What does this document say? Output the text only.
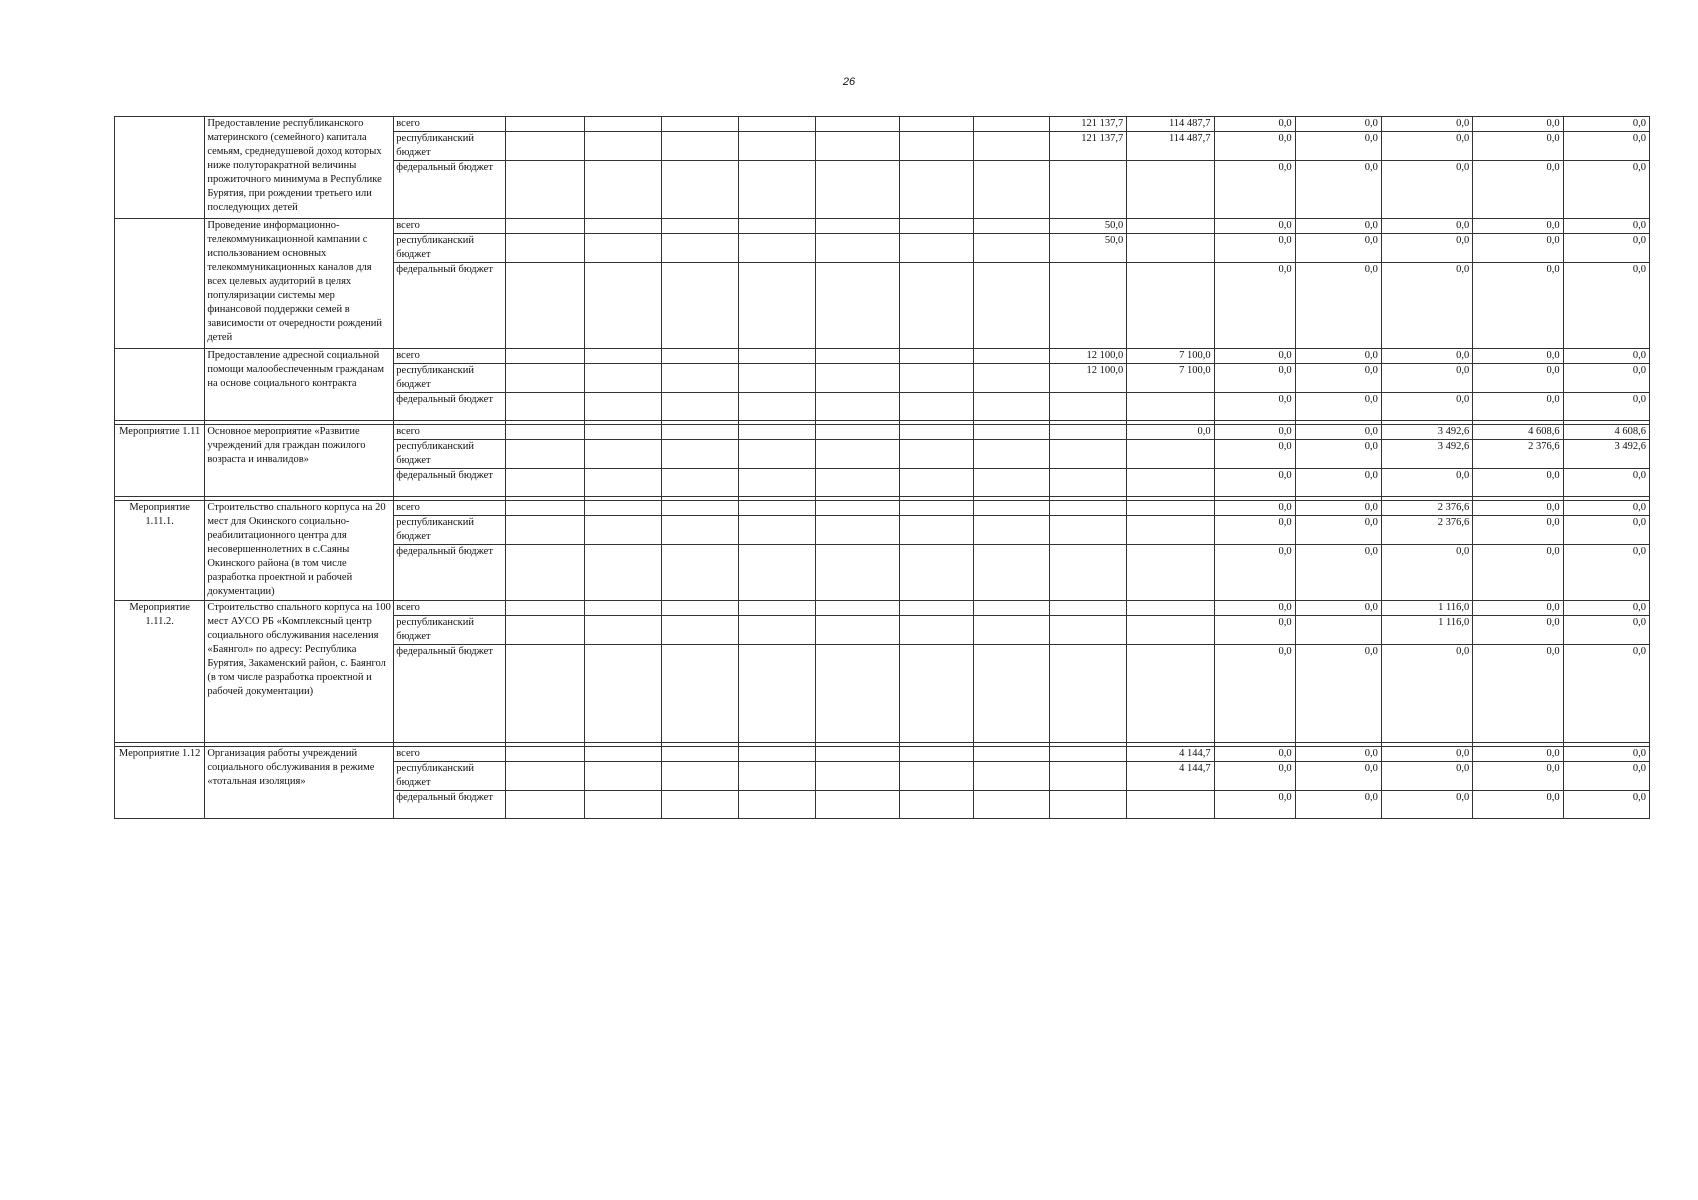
26
	Предоставление республиканского материнского (семейного) капитала семьям, среднедушевой доход которых ниже полуторакратной величины прожиточного минимума в Республике Бурятия, при рождении третьего или последующих детей	всего								121 137,7	114 487,7	0,0	0,0	0,0	0,0	0,0
		республиканский бюджет								121 137,7	114 487,7	0,0	0,0	0,0	0,0	0,0
		федеральный бюджет										0,0	0,0	0,0	0,0	0,0
	Проведение информационно-телекоммуникационной кампании с использованием основных телекоммуникационных каналов для всех целевых аудиторий в целях популяризации системы мер финансовой поддержки семей в зависимости от очередности рождений детей	всего								50,0		0,0	0,0	0,0	0,0	0,0
		республиканский бюджет								50,0		0,0	0,0	0,0	0,0	0,0
		федеральный бюджет										0,0	0,0	0,0	0,0	0,0
	Предоставление адресной социальной помощи малообеспеченным гражданам на основе социального контракта	всего								12 100,0	7 100,0	0,0	0,0	0,0	0,0	0,0
		республиканский бюджет								12 100,0	7 100,0	0,0	0,0	0,0	0,0	0,0
		федеральный бюджет										0,0	0,0	0,0	0,0	0,0

Мероприятие 1.11	Основное мероприятие «Развитие учреждений для граждан пожилого возраста и инвалидов»	всего									0,0	0,0	0,0	3 492,6	4 608,6	4 608,6
		республиканский бюджет										0,0	0,0	3 492,6	2 376,6	3 492,6
		федеральный бюджет										0,0	0,0	0,0	0,0	0,0

Мероприятие 1.11.1.	Строительство спального корпуса на 20 мест для Окинского социально-реабилитационного центра для несовершеннолетних в с.Саяны Окинского района (в том числе разработка проектной и рабочей документации)	всего										0,0	0,0	2 376,6	0,0	0,0
		республиканский бюджет										0,0	0,0	2 376,6	0,0	0,0
		федеральный бюджет										0,0	0,0	0,0	0,0	0,0
Мероприятие 1.11.2.	Строительство спального корпуса на 100 мест АУСО РБ «Комплексный центр социального обслуживания населения «Баянгол» по адресу: Республика Бурятия, Закаменский район, с. Баянгол (в том числе разработка проектной и рабочей документации)	всего										0,0	0,0	1 116,0	0,0	0,0
		республиканский бюджет										0,0		1 116,0	0,0	0,0
		федеральный бюджет										0,0	0,0	0,0	0,0	0,0

Мероприятие 1.12	Организация работы учреждений социального обслуживания в режиме «тотальная изоляция»	всего									4 144,7	0,0	0,0	0,0	0,0	0,0
		республиканский бюджет									4 144,7	0,0	0,0	0,0	0,0	0,0
		федеральный бюджет										0,0	0,0	0,0	0,0	0,0
